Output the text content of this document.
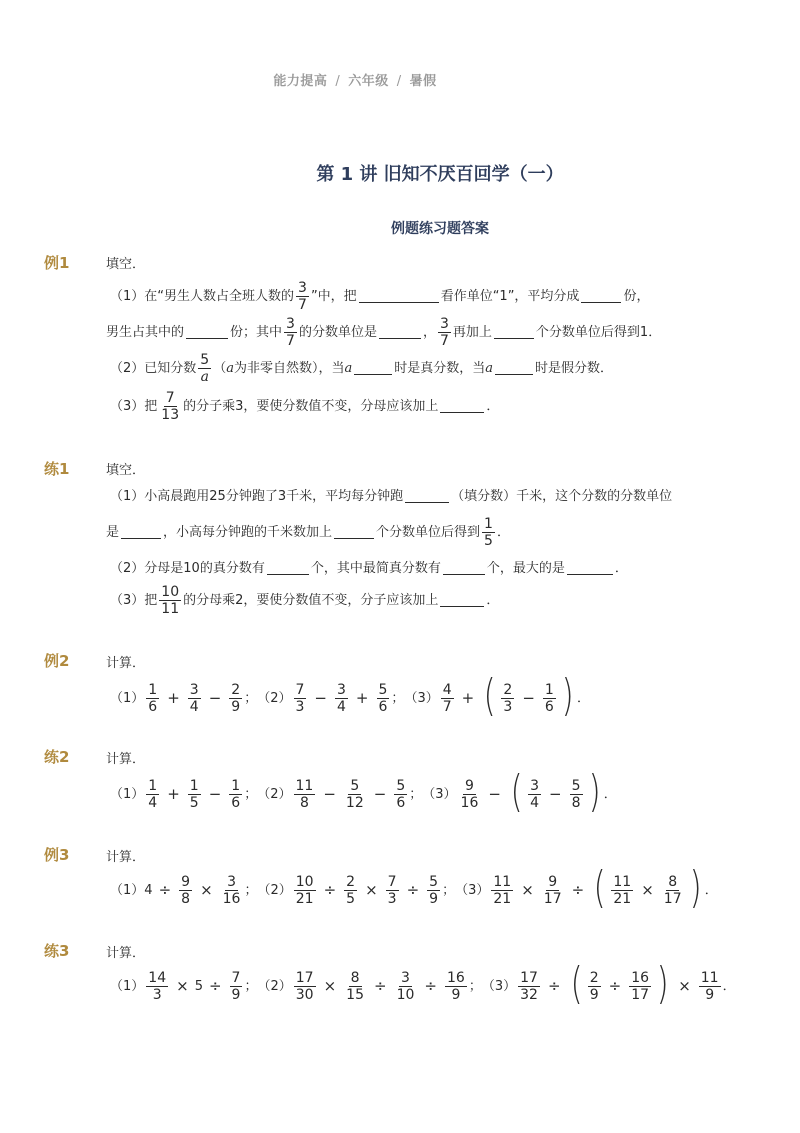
能力提高 / 六年级 / 暑假
第 1 讲 旧知不厌百回学（一）
例题练习题答案
例1	填空．
（1）在“男生人数占全班人数的 $\frac{3}{7}$ ”中，把	看作单位“1”，平均分成	份，
男生占其中的	份；其中 $\frac{3}{7}$ 的分数单位是	， $\frac{3}{7}$ 再加上	个分数单位后得到1．
（2）已知分数 $\frac{5}{a}$ （ a 为非零自然数），当 a	时是真分数，当 a	时是假分数．
（3）把 $\frac{7}{13}$ 的分子乘3，要使分数值不变，分母应该加上	．
练1	填空．
（1）小高晨跑用25分钟跑了3千米，平均每分钟跑	（填分数）千米，这个分数的分数单位
是	，小高每分钟跑的千米数加上	个分数单位后得到 $\frac{1}{5}$ ．
（2）分母是10的真分数有	个，其中最简真分数有	个，最大的是	．
（3）把 $\frac{10}{11}$ 的分母乘2，要使分数值不变，分子应该加上	．
例2	计算．
$(1) \frac{1}{6} + \frac{3}{4} - \frac{2}{9}$ ； $(2) \frac{7}{3} - \frac{3}{4} + \frac{5}{6}$ ； $(3) \frac{4}{7}$ + ( $\frac{2}{3} - \frac{1}{6}$ ) ．
练2	计算．
$(1) \frac{1}{4} + \frac{1}{5} - \frac{1}{6}$ ； $(2) \frac{11}{8} - \frac{5}{12} - \frac{5}{6}$ ； $(3) \frac{9}{16}$ − ( $\frac{3}{4} - \frac{5}{8}$ ) ．
例3	计算．
（1） $4 \div \frac{9}{8} \times \frac{3}{16}$ ； $(2) \frac{10}{21} \div \frac{2}{5} \times \frac{7}{3} \div \frac{5}{9}$ ； $(3) \frac{11}{21} \times \frac{9}{17}$ ÷ ( $\frac{11}{21} \times \frac{8}{17}$ ) ．
练3	计算．
$(1) \frac{14}{3} \times 5 \div \frac{7}{9}$ ； $(2) \frac{17}{30} \times \frac{8}{15} \div \frac{3}{10} \div \frac{16}{9}$ ； $(3) \frac{17}{32}$ ÷ ( $\frac{2}{9} \div \frac{16}{17}$ ) × $\frac{11}{9}$ ．
